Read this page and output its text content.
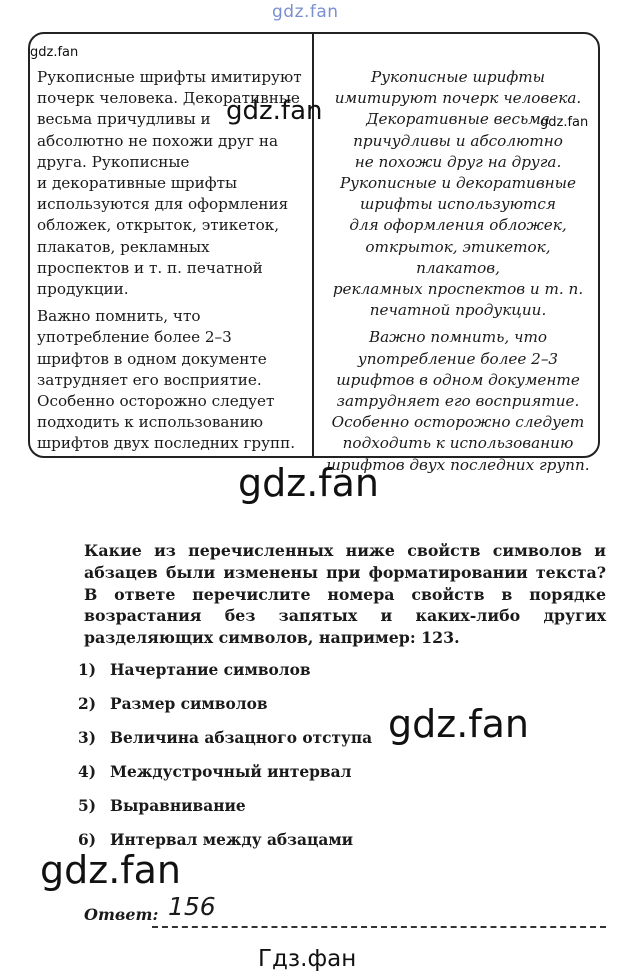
gdz.fan
Рукописные шрифты имитируют
почерк человека. Декоративные
весьма причудливы и
абсолютно не похожи друг на
друга. Рукописные
и декоративные шрифты
используются для оформления
обложек, открыток, этикеток,
плакатов, рекламных
проспектов и т. п. печатной
продукции.
Важно помнить, что
употребление более 2–3
шрифтов в одном документе
затрудняет его восприятие.
Особенно осторожно следует
подходить к использованию
шрифтов двух последних групп.
Рукописные шрифты
имитируют почерк человека.
Декоративные весьма
причудливы и абсолютно
не похожи друг на друга.
Рукописные и декоративные
шрифты используются
для оформления обложек,
открыток, этикеток, плакатов,
рекламных проспектов и т. п.
печатной продукции.
Важно помнить, что
употребление более 2–3
шрифтов в одном документе
затрудняет его восприятие.
Особенно осторожно следует
подходить к использованию
шрифтов двух последних групп.
gdz.fan
gdz.fan	gdz.fan
gdz.fan
Какие из перечисленных ниже свойств символов и абзацев были изменены при форматировании текста? В ответе перечислите номера свойств в порядке возрастания без запятых и каких-либо других разделяющих символов, например: 123.
1) Начертание символов
2) Размер символов
3) Величина абзацного отступа
4) Междустрочный интервал
5) Выравнивание
6) Интервал между абзацами
gdz.fan
gdz.fan
Ответ: 156
Гдз.фан
